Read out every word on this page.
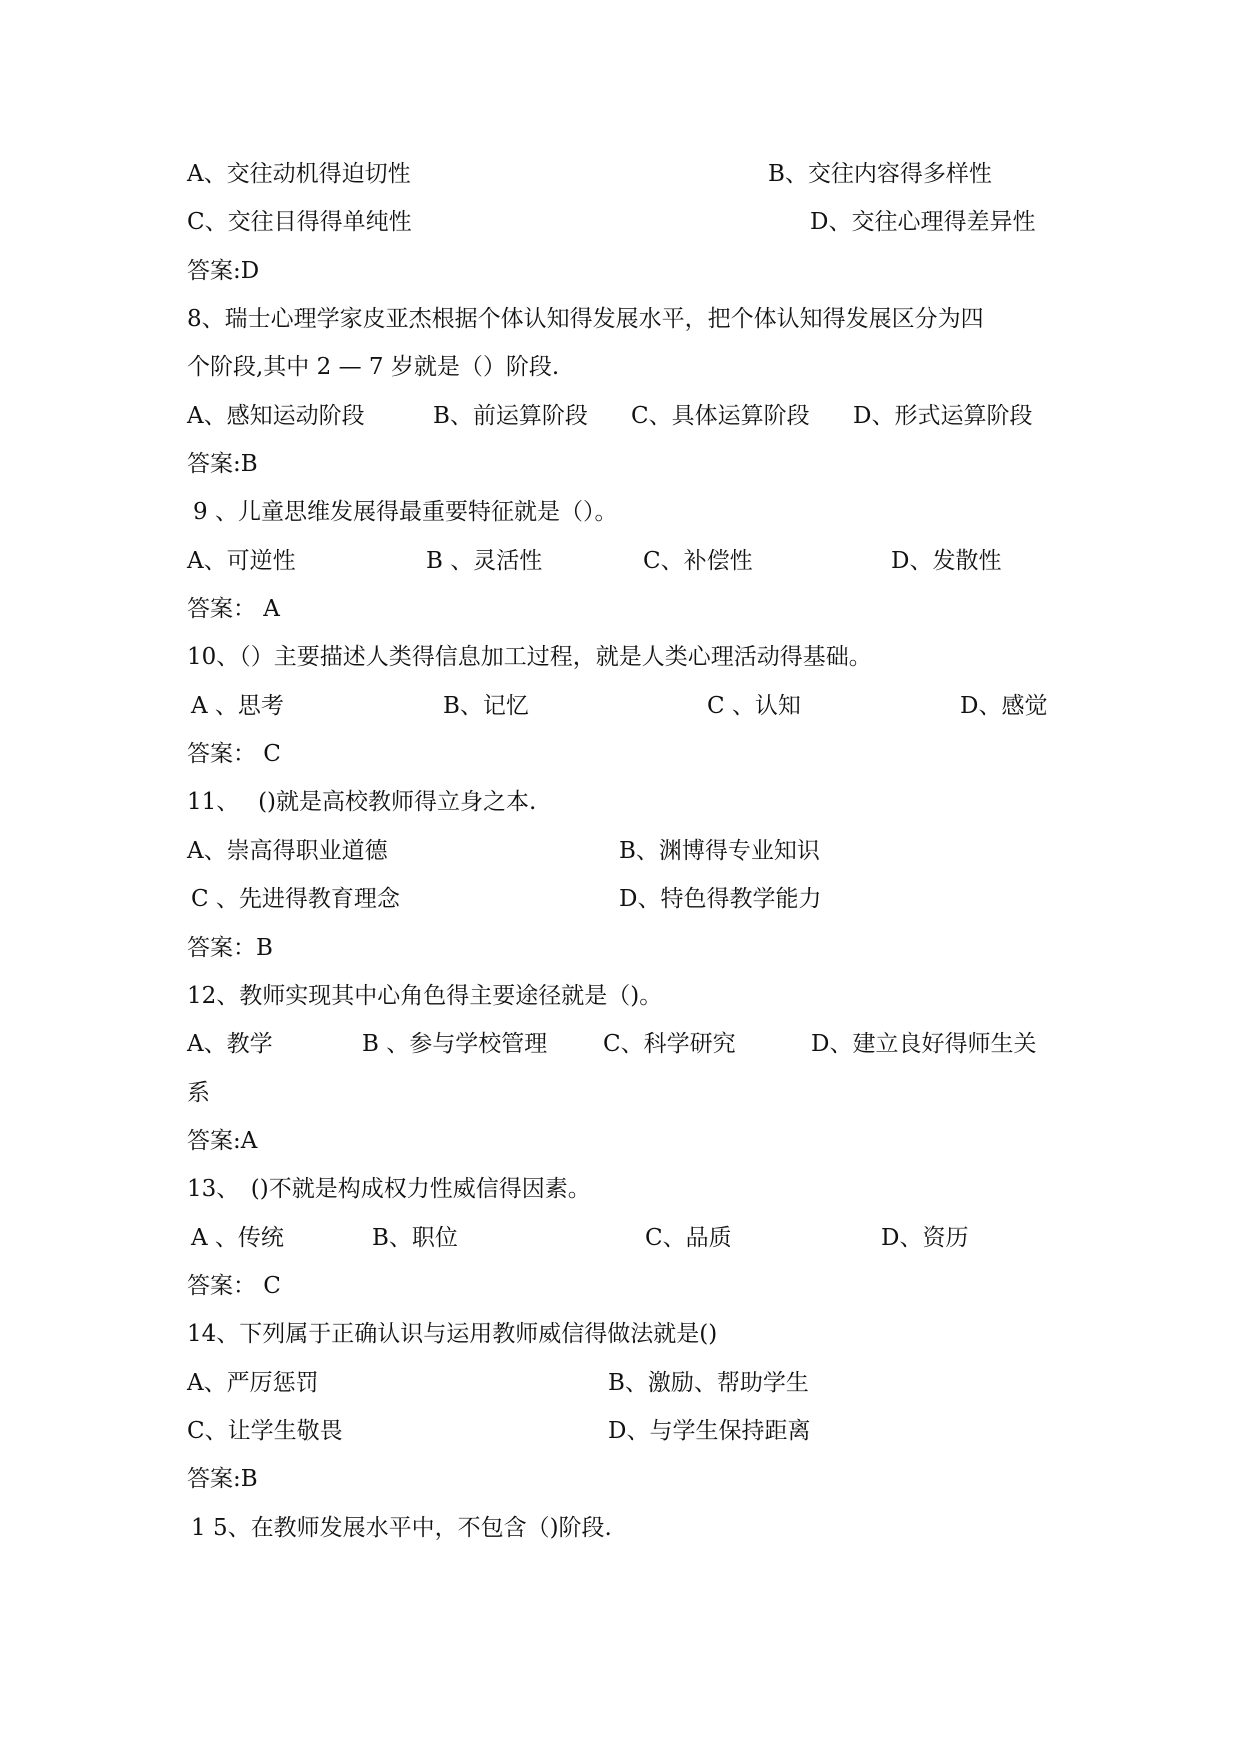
A、交往动机得迫切性	B、交往内容得多样性
C、交往目得得单纯性	D、交往心理得差异性
答案:D
8、瑞士心理学家皮亚杰根据个体认知得发展水平，把个体认知得发展区分为四
个阶段,其中 2 — 7 岁就是（）阶段.
A、感知运动阶段	B、前运算阶段 C、具体运算阶段 D、形式运算阶段
答案:B
9 、儿童思维发展得最重要特征就是（）。
A、可逆性	B 、灵活性	C、补偿性	D、发散性
答案： A
10、（）主要描述人类得信息加工过程，就是人类心理活动得基础。
A 、思考	B、记忆	C 、认知	D、感觉
答案： C
11、　 ()就是高校教师得立身之本.
A、崇高得职业道德	B、渊博得专业知识
C 、先进得教育理念	D、特色得教学能力
答案：B
12、教师实现其中心角色得主要途径就是（)。
A、教学	B 、参与学校管理 C、科学研究	D、建立良好得师生关
系
答案:A
13、　()不就是构成权力性威信得因素。
A 、传统	B、职位	C、品质	D、资历
答案： C
14、下列属于正确认识与运用教师威信得做法就是()
A、严厉惩罚	B、激励、帮助学生
C、让学生敬畏	D、与学生保持距离
答案:B
1 5、在教师发展水平中，不包含（)阶段.
